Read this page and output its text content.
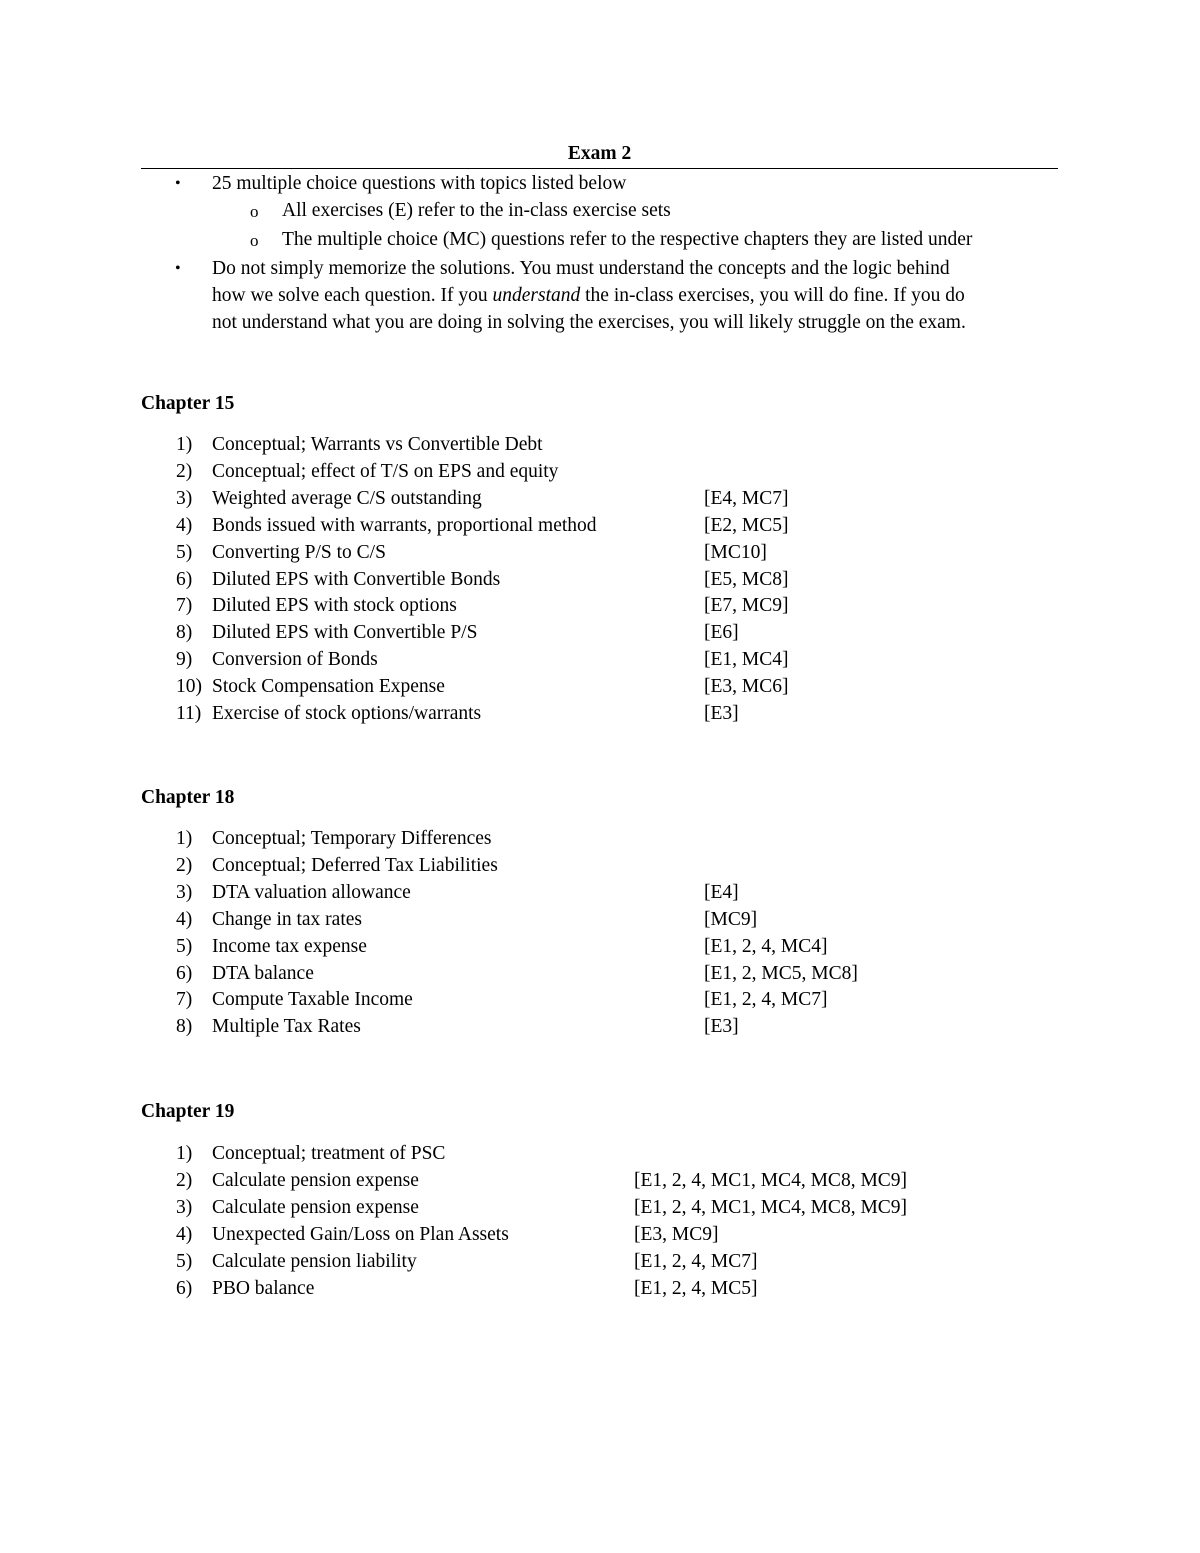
Exam 2
• 25 multiple choice questions with topics listed below
o All exercises (E) refer to the in-class exercise sets
o The multiple choice (MC) questions refer to the respective chapters they are listed under
• Do not simply memorize the solutions. You must understand the concepts and the logic behind
how we solve each question. If you understand the in-class exercises, you will do fine. If you do
not understand what you are doing in solving the exercises, you will likely struggle on the exam.
Chapter 15
1) Conceptual; Warrants vs Convertible Debt
2) Conceptual; effect of T/S on EPS and equity
3) Weighted average C/S outstanding	[E4, MC7]
4) Bonds issued with warrants, proportional method	[E2, MC5]
5) Converting P/S to C/S	[MC10]
6) Diluted EPS with Convertible Bonds	[E5, MC8]
7) Diluted EPS with stock options	[E7, MC9]
8) Diluted EPS with Convertible P/S	[E6]
9) Conversion of Bonds	[E1, MC4]
10) Stock Compensation Expense	[E3, MC6]
11) Exercise of stock options/warrants	[E3]
Chapter 18
1) Conceptual; Temporary Differences
2) Conceptual; Deferred Tax Liabilities
3) DTA valuation allowance	[E4]
4) Change in tax rates	[MC9]
5) Income tax expense	[E1, 2, 4, MC4]
6) DTA balance	[E1, 2, MC5, MC8]
7) Compute Taxable Income	[E1, 2, 4, MC7]
8) Multiple Tax Rates	[E3]
Chapter 19
1) Conceptual; treatment of PSC
2) Calculate pension expense	[E1, 2, 4, MC1, MC4, MC8, MC9]
3) Calculate pension expense	[E1, 2, 4, MC1, MC4, MC8, MC9]
4) Unexpected Gain/Loss on Plan Assets	[E3, MC9]
5) Calculate pension liability	[E1, 2, 4, MC7]
6) PBO balance	[E1, 2, 4, MC5]
